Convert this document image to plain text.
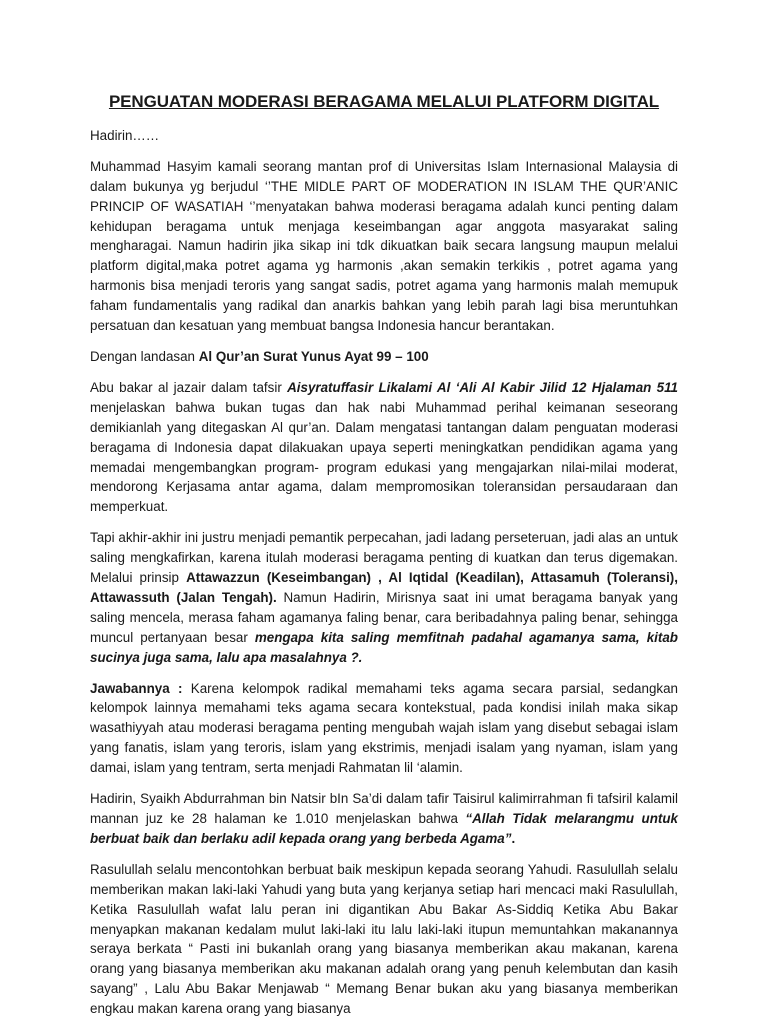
PENGUATAN MODERASI BERAGAMA MELALUI PLATFORM DIGITAL

Hadirin……

Muhammad Hasyim kamali seorang mantan prof di Universitas Islam Internasional Malaysia di dalam bukunya yg berjudul ‘’THE MIDLE PART OF MODERATION IN ISLAM THE QUR’ANIC PRINCIP OF WASATIAH ‘’menyatakan bahwa moderasi beragama adalah kunci penting dalam kehidupan beragama untuk menjaga keseimbangan agar anggota masyarakat saling mengharagai. Namun hadirin jika sikap ini tdk dikuatkan baik secara langsung maupun melalui platform digital,maka potret agama yg harmonis ,akan semakin terkikis , potret agama yang harmonis bisa menjadi teroris yang sangat sadis, potret agama yang harmonis malah memupuk faham fundamentalis yang radikal dan anarkis bahkan yang lebih parah lagi bisa meruntuhkan persatuan dan kesatuan yang membuat bangsa Indonesia hancur berantakan.

Dengan landasan Al Qur’an Surat Yunus Ayat 99 – 100

Abu bakar al jazair dalam tafsir Aisyratuffasir Likalami Al ‘Ali Al Kabir Jilid 12 Hjalaman 511 menjelaskan bahwa bukan tugas dan hak nabi Muhammad perihal keimanan seseorang demikianlah yang ditegaskan Al qur’an. Dalam mengatasi tantangan dalam penguatan moderasi beragama di Indonesia dapat dilakuakan upaya seperti meningkatkan pendidikan agama yang memadai mengembangkan program- program edukasi yang mengajarkan nilai-milai moderat, mendorong Kerjasama antar agama, dalam mempromosikan toleransidan persaudaraan dan memperkuat.

Tapi akhir-akhir ini justru menjadi pemantik perpecahan, jadi ladang perseteruan, jadi alas an untuk saling mengkafirkan, karena itulah moderasi beragama penting di kuatkan dan terus digemakan. Melalui prinsip Attawazzun (Keseimbangan) , Al Iqtidal (Keadilan), Attasamuh (Toleransi), Attawassuth (Jalan Tengah). Namun Hadirin, Mirisnya saat ini umat beragama banyak yang saling mencela, merasa faham agamanya faling benar, cara beribadahnya paling benar, sehingga muncul pertanyaan besar mengapa kita saling memfitnah padahal agamanya sama, kitab sucinya juga sama, lalu apa masalahnya ?.

Jawabannya : Karena kelompok radikal memahami teks agama secara parsial, sedangkan kelompok lainnya memahami teks agama secara kontekstual, pada kondisi inilah maka sikap wasathiyyah atau moderasi beragama penting mengubah wajah islam yang disebut sebagai islam yang fanatis, islam yang teroris, islam yang ekstrimis, menjadi isalam yang nyaman, islam yang damai, islam yang tentram, serta menjadi Rahmatan lil ‘alamin.

Hadirin, Syaikh Abdurrahman bin Natsir bIn Sa’di dalam tafir Taisirul kalimirrahman fi tafsiril kalamil mannan juz ke 28 halaman ke 1.010 menjelaskan bahwa “Allah Tidak melarangmu untuk berbuat baik dan berlaku adil kepada orang yang berbeda Agama”.

Rasulullah selalu mencontohkan berbuat baik meskipun kepada seorang Yahudi. Rasulullah selalu memberikan makan laki-laki Yahudi yang buta yang kerjanya setiap hari mencaci maki Rasulullah, Ketika Rasulullah wafat lalu peran ini digantikan Abu Bakar As-Siddiq Ketika Abu Bakar menyapkan makanan kedalam mulut laki-laki itu lalu laki-laki itupun memuntahkan makanannya seraya berkata “ Pasti ini bukanlah orang yang biasanya memberikan akau makanan, karena orang yang biasanya memberikan aku makanan adalah orang yang penuh kelembutan dan kasih sayang” , Lalu Abu Bakar Menjawab “ Memang Benar bukan aku yang biasanya memberikan engkau makan karena orang yang biasanya
